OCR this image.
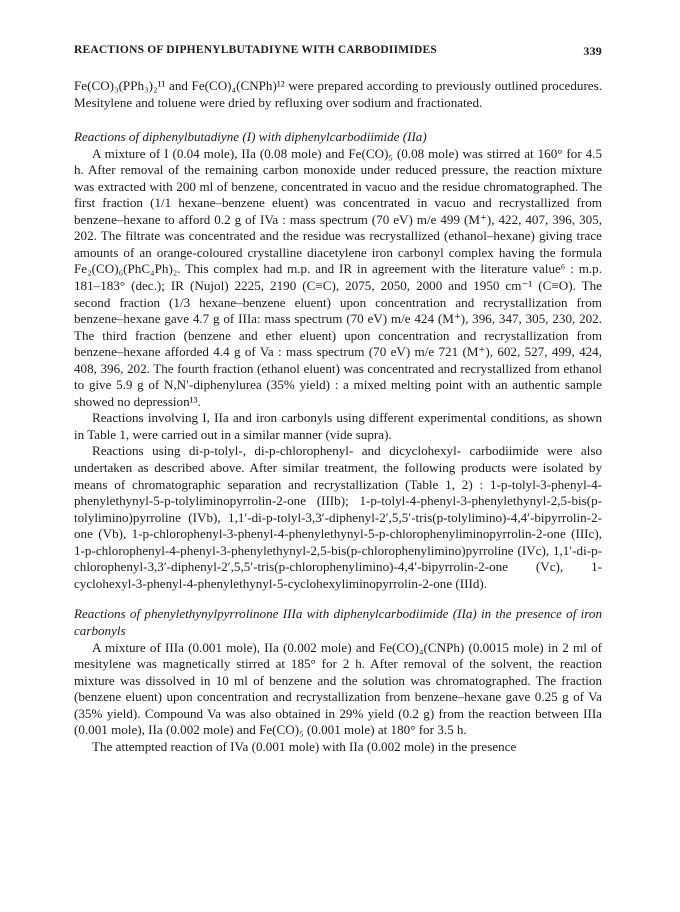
REACTIONS OF DIPHENYLBUTADIYNE WITH CARBODIIMIDES	339

Fe(CO)₃(PPh₃)₂¹¹ and Fe(CO)₄(CNPh)¹² were prepared according to previously outlined procedures. Mesitylene and toluene were dried by refluxing over sodium and fractionated.

Reactions of diphenylbutadiyne (I) with diphenylcarbodiimide (IIa)

A mixture of I (0.04 mole), IIa (0.08 mole) and Fe(CO)₅ (0.08 mole) was stirred at 160° for 4.5 h. After removal of the remaining carbon monoxide under reduced pressure, the reaction mixture was extracted with 200 ml of benzene, concentrated in vacuo and the residue chromatographed. The first fraction (1/1 hexane–benzene eluent) was concentrated in vacuo and recrystallized from benzene–hexane to afford 0.2 g of IVa : mass spectrum (70 eV) m/e 499 (M⁺), 422, 407, 396, 305, 202. The filtrate was concentrated and the residue was recrystallized (ethanol–hexane) giving trace amounts of an orange-coloured crystalline diacetylene iron carbonyl complex having the formula Fe₂(CO)₆(PhC₄Ph)₂. This complex had m.p. and IR in agreement with the literature value⁶ : m.p. 181–183° (dec.); IR (Nujol) 2225, 2190 (C≡C), 2075, 2050, 2000 and 1950 cm⁻¹ (C≡O). The second fraction (1/3 hexane–benzene eluent) upon concentration and recrystallization from benzene–hexane gave 4.7 g of IIIa: mass spectrum (70 eV) m/e 424 (M⁺), 396, 347, 305, 230, 202. The third fraction (benzene and ether eluent) upon concentration and recrystallization from benzene–hexane afforded 4.4 g of Va : mass spectrum (70 eV) m/e 721 (M⁺), 602, 527, 499, 424, 408, 396, 202. The fourth fraction (ethanol eluent) was concentrated and recrystallized from ethanol to give 5.9 g of N,N′-diphenylurea (35% yield) : a mixed melting point with an authentic sample showed no depression¹³.

Reactions involving I, IIa and iron carbonyls using different experimental conditions, as shown in Table 1, were carried out in a similar manner (vide supra).

Reactions using di-p-tolyl-, di-p-chlorophenyl- and dicyclohexyl- carbodiimide were also undertaken as described above. After similar treatment, the following products were isolated by means of chromatographic separation and recrystallization (Table 1, 2) : 1-p-tolyl-3-phenyl-4-phenylethynyl-5-p-tolyliminopyrrolin-2-one (IIIb); 1-p-tolyl-4-phenyl-3-phenylethynyl-2,5-bis(p-tolylimino)pyrroline (IVb), 1,1′-di-p-tolyl-3,3′-diphenyl-2′,5,5′-tris(p-tolylimino)-4,4′-bipyrrolin-2-one (Vb), 1-p-chlorophenyl-3-phenyl-4-phenylethynyl-5-p-chlorophenyliminopyrrolin-2-one (IIIc), 1-p-chlorophenyl-4-phenyl-3-phenylethynyl-2,5-bis(p-chlorophenylimino)pyrroline (IVc), 1,1′-di-p-chlorophenyl-3,3′-diphenyl-2′,5,5′-tris(p-chlorophenylimino)-4,4′-bipyrrolin-2-one (Vc), 1-cyclohexyl-3-phenyl-4-phenylethynyl-5-cyclohexyliminopyrrolin-2-one (IIId).

Reactions of phenylethynylpyrrolinone IIIa with diphenylcarbodiimide (IIa) in the presence of iron carbonyls

A mixture of IIIa (0.001 mole), IIa (0.002 mole) and Fe(CO)₄(CNPh) (0.0015 mole) in 2 ml of mesitylene was magnetically stirred at 185° for 2 h. After removal of the solvent, the reaction mixture was dissolved in 10 ml of benzene and the solution was chromatographed. The fraction (benzene eluent) upon concentration and recrystallization from benzene–hexane gave 0.25 g of Va (35% yield). Compound Va was also obtained in 29% yield (0.2 g) from the reaction between IIIa (0.001 mole), IIa (0.002 mole) and Fe(CO)₅ (0.001 mole) at 180° for 3.5 h.

The attempted reaction of IVa (0.001 mole) with IIa (0.002 mole) in the presence
